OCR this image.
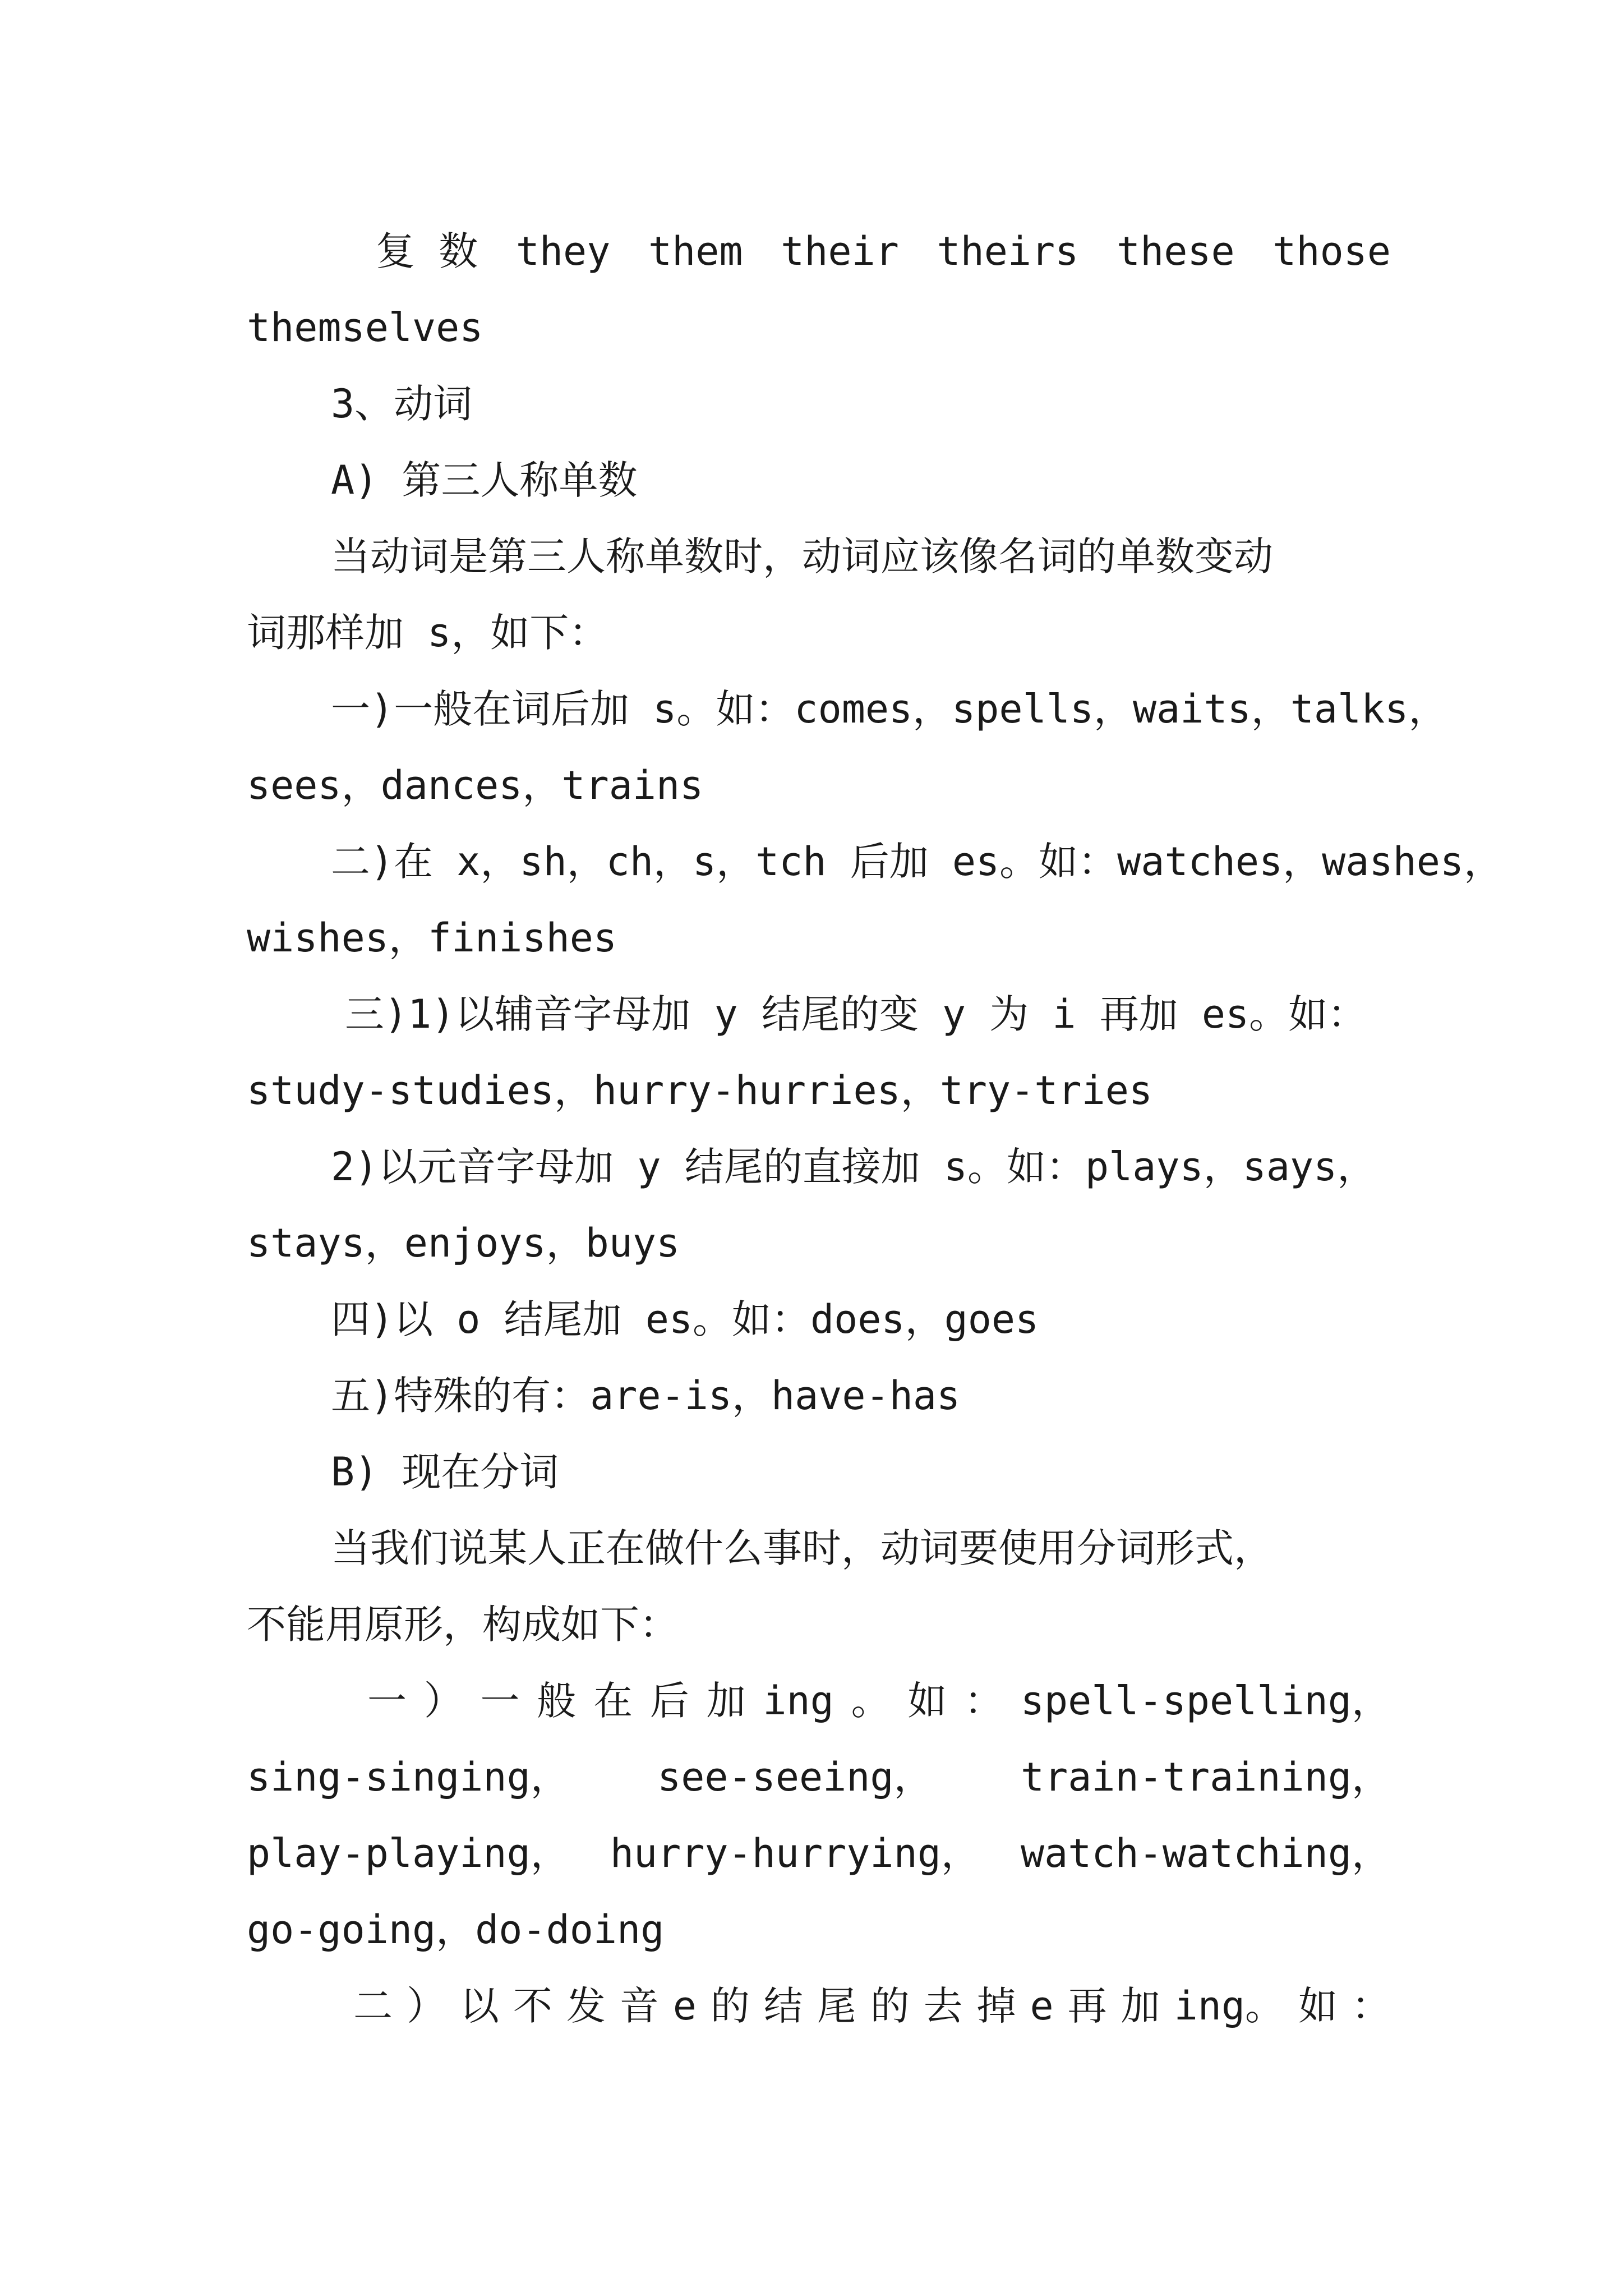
复 数 they them their theirs these those
themselves
3、动词
A) 第三人称单数
当动词是第三人称单数时，动词应该像名词的单数变动
词那样加 s，如下：
一)一般在词后加 s。如：comes，spells，waits，talks，
sees，dances，trains
二)在 x，sh，ch，s，tch 后加 es。如：watches，washes，
wishes，finishes
三)1)以辅音字母加 y 结尾的变 y 为 i 再加 es。如：
study-studies，hurry-hurries，try-tries
2)以元音字母加 y 结尾的直接加 s。如：plays，says，
stays，enjoys，buys
四)以 o 结尾加 es。如：does，goes
五)特殊的有：are-is，have-has
B) 现在分词
当我们说某人正在做什么事时，动词要使用分词形式，
不能用原形，构成如下：
一 ） 一 般 在 后 加 ing 。 如 ： spell-spelling，
sing-singing， see-seeing， train-training，
play-playing， hurry-hurrying， watch-watching，
go-going，do-doing
二 ） 以 不 发 音 e 的 结 尾 的 去 掉 e 再 加 ing。 如 ：
